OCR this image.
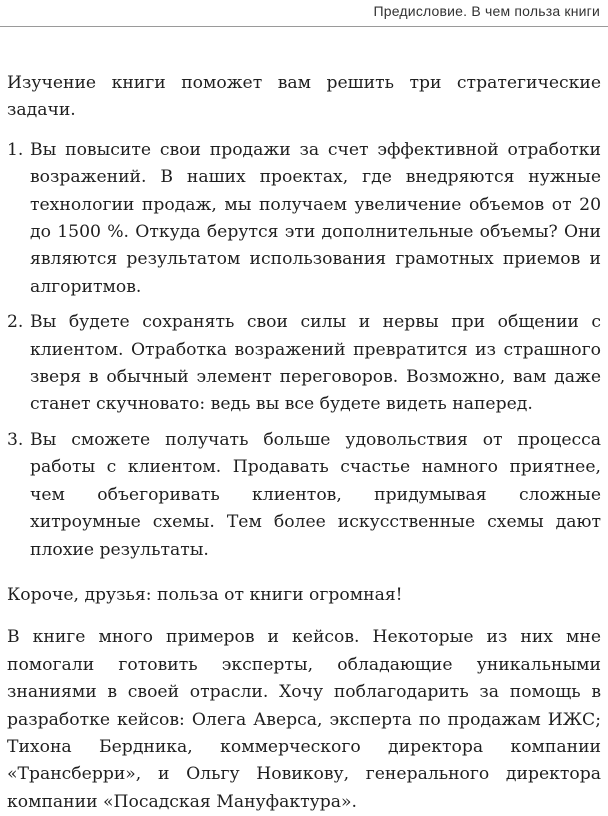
Предисловие. В чем польза книги

Изучение книги поможет вам решить три стратегические задачи.

1. Вы повысите свои продажи за счет эффективной отработки возражений. В наших проектах, где внедряются нужные технологии продаж, мы получаем увеличение объемов от 20 до 1500 %. Откуда берутся эти дополнительные объемы? Они являются результатом использования грамотных приемов и алгоритмов.
2. Вы будете сохранять свои силы и нервы при общении с клиентом. Отработка возражений превратится из страшного зверя в обычный элемент переговоров. Возможно, вам даже станет скучновато: ведь вы все будете видеть наперед.
3. Вы сможете получать больше удовольствия от процесса работы с клиентом. Продавать счастье намного приятнее, чем объегоривать клиентов, придумывая сложные хитроумные схемы. Тем более искусственные схемы дают плохие результаты.

Короче, друзья: польза от книги огромная!

В книге много примеров и кейсов. Некоторые из них мне помогали готовить эксперты, обладающие уникальными знаниями в своей отрасли. Хочу поблагодарить за помощь в разработке кейсов: Олега Аверса, эксперта по продажам ИЖС; Тихона Бердника, коммерческого директора компании «Трансберри», и Ольгу Новикову, генерального директора компании «Посадская Мануфактура».
